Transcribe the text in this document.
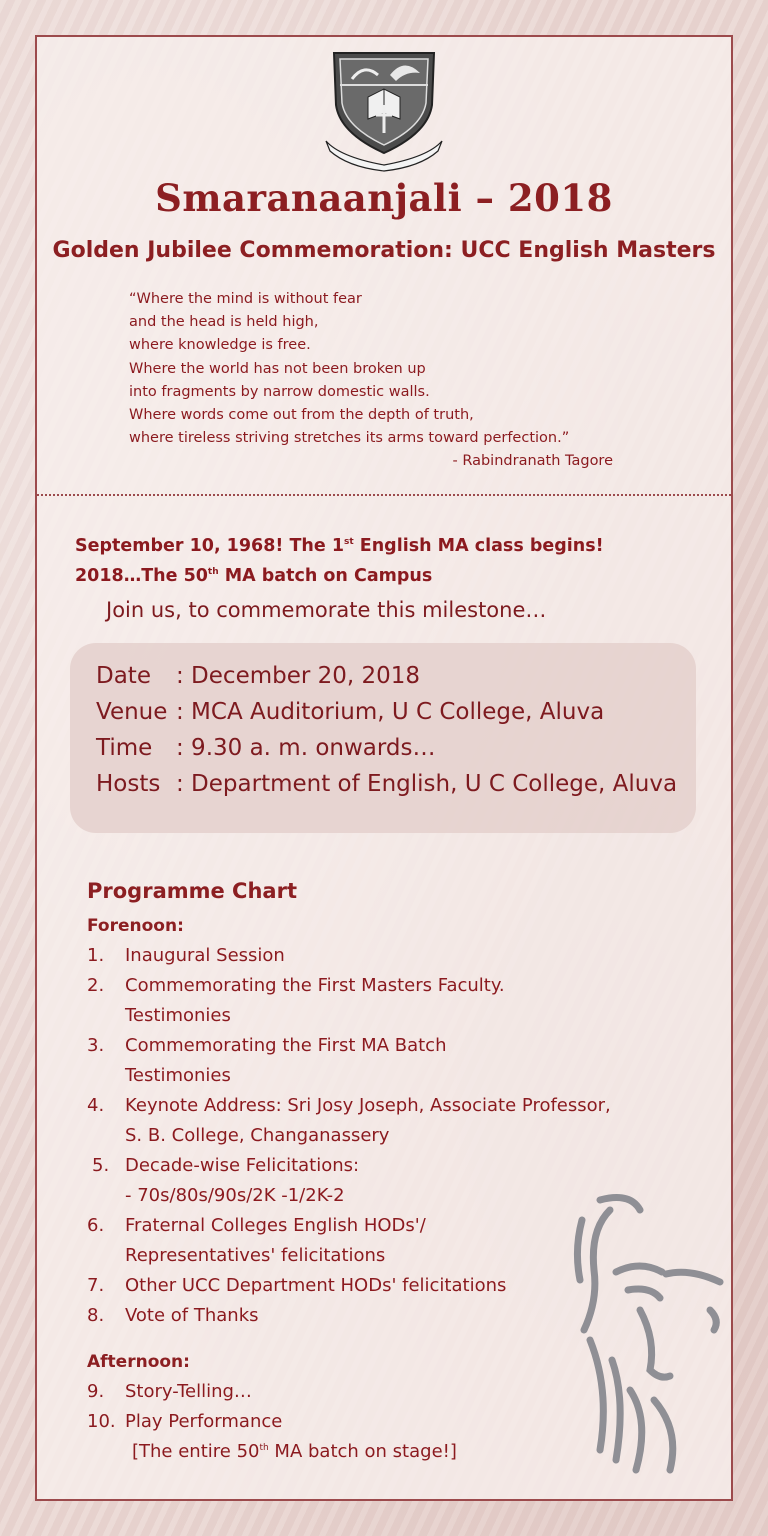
Smaranaanjali – 2018
Golden Jubilee Commemoration: UCC English Masters
“Where the mind is without fear
and the head is held high,
where knowledge is free.
Where the world has not been broken up
into fragments by narrow domestic walls.
Where words come out from the depth of truth,
where tireless striving stretches its arms toward perfection.”
- Rabindranath Tagore
September 10, 1968! The 1st English MA class begins!
2018…The 50th MA batch on Campus
Join us, to commemorate this milestone…
Date : December 20, 2018
Venue : MCA Auditorium, U C College, Aluva
Time : 9.30 a. m. onwards…
Hosts : Department of English, U C College, Aluva
Programme Chart
Forenoon:
1. Inaugural Session
2. Commemorating the First Masters Faculty.
Testimonies
3. Commemorating the First MA Batch
Testimonies
4. Keynote Address: Sri Josy Joseph, Associate Professor,
S. B. College, Changanassery
5. Decade-wise Felicitations:
- 70s/80s/90s/2K -1/2K-2
6. Fraternal Colleges English HODs'/
Representatives' felicitations
7. Other UCC Department HODs' felicitations
8. Vote of Thanks
Afternoon:
9. Story-Telling…
10. Play Performance
[The entire 50th MA batch on stage!]
